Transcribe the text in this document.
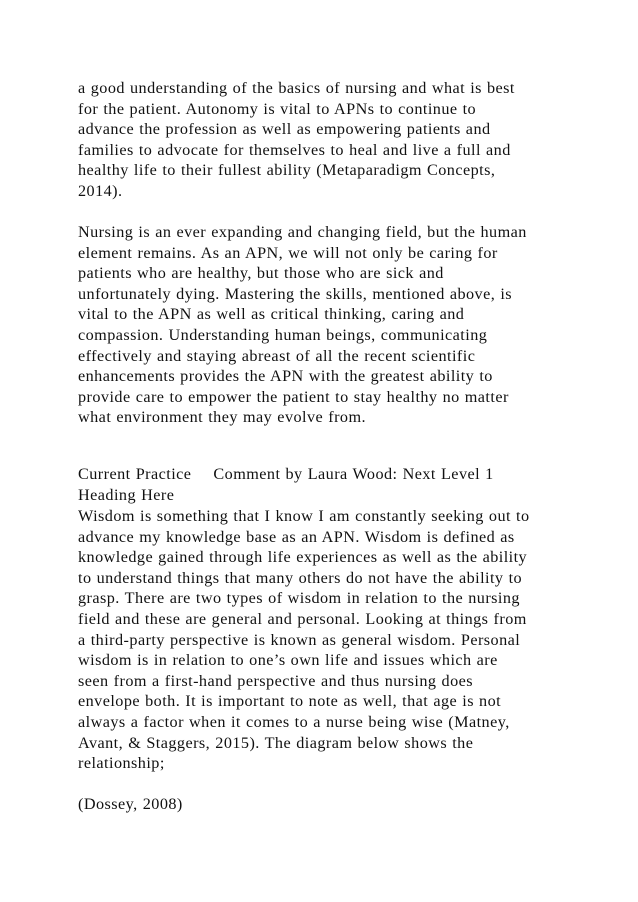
a good understanding of the basics of nursing and what is best
for the patient. Autonomy is vital to APNs to continue to
advance the profession as well as empowering patients and
families to advocate for themselves to heal and live a full and
healthy life to their fullest ability (Metaparadigm Concepts,
2014).

Nursing is an ever expanding and changing field, but the human
element remains. As an APN, we will not only be caring for
patients who are healthy, but those who are sick and
unfortunately dying. Mastering the skills, mentioned above, is
vital to the APN as well as critical thinking, caring and
compassion. Understanding human beings, communicating
effectively and staying abreast of all the recent scientific
enhancements provides the APN with the greatest ability to
provide care to empower the patient to stay healthy no matter
what environment they may evolve from.

Current Practice Comment by Laura Wood: Next Level 1

Heading Here

Wisdom is something that I know I am constantly seeking out to
advance my knowledge base as an APN. Wisdom is defined as
knowledge gained through life experiences as well as the ability
to understand things that many others do not have the ability to
grasp. There are two types of wisdom in relation to the nursing
field and these are general and personal. Looking at things from
a third-party perspective is known as general wisdom. Personal
wisdom is in relation to one’s own life and issues which are
seen from a first-hand perspective and thus nursing does
envelope both. It is important to note as well, that age is not
always a factor when it comes to a nurse being wise (Matney,
Avant, & Staggers, 2015). The diagram below shows the
relationship;

(Dossey, 2008)
